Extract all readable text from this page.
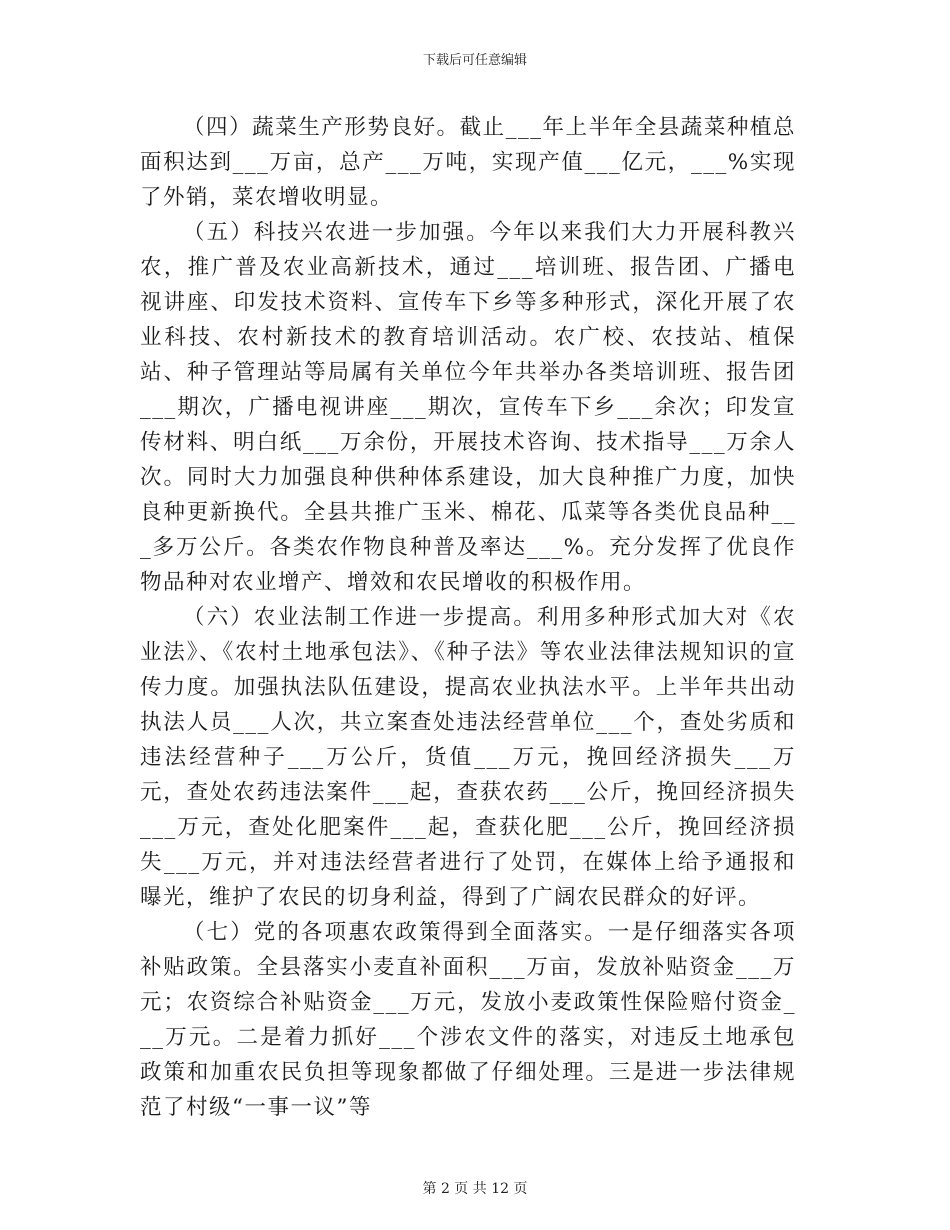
下载后可任意编辑

（四）蔬菜生产形势良好。截止___年上半年全县蔬菜种植总面积达到___万亩，总产___万吨，实现产值___亿元，___%实现了外销，菜农增收明显。

（五）科技兴农进一步加强。今年以来我们大力开展科教兴农，推广普及农业高新技术，通过___培训班、报告团、广播电视讲座、印发技术资料、宣传车下乡等多种形式，深化开展了农业科技、农村新技术的教育培训活动。农广校、农技站、植保站、种子管理站等局属有关单位今年共举办各类培训班、报告团___期次，广播电视讲座___期次，宣传车下乡___余次；印发宣传材料、明白纸___万余份，开展技术咨询、技术指导___万余人次。同时大力加强良种供种体系建设，加大良种推广力度，加快良种更新换代。全县共推广玉米、棉花、瓜菜等各类优良品种___多万公斤。各类农作物良种普及率达___%。充分发挥了优良作物品种对农业增产、增效和农民增收的积极作用。

（六）农业法制工作进一步提高。利用多种形式加大对《农业法》、《农村土地承包法》、《种子法》等农业法律法规知识的宣传力度。加强执法队伍建设，提高农业执法水平。上半年共出动执法人员___人次，共立案查处违法经营单位___个，查处劣质和违法经营种子___万公斤，货值___万元，挽回经济损失___万元，查处农药违法案件___起，查获农药___公斤，挽回经济损失___万元，查处化肥案件___起，查获化肥___公斤，挽回经济损失___万元，并对违法经营者进行了处罚，在媒体上给予通报和曝光，维护了农民的切身利益，得到了广阔农民群众的好评。

（七）党的各项惠农政策得到全面落实。一是仔细落实各项补贴政策。全县落实小麦直补面积___万亩，发放补贴资金___万元；农资综合补贴资金___万元，发放小麦政策性保险赔付资金___万元。二是着力抓好___个涉农文件的落实，对违反土地承包政策和加重农民负担等现象都做了仔细处理。三是进一步法律规范了村级“一事一议”等

第 2 页 共 12 页
